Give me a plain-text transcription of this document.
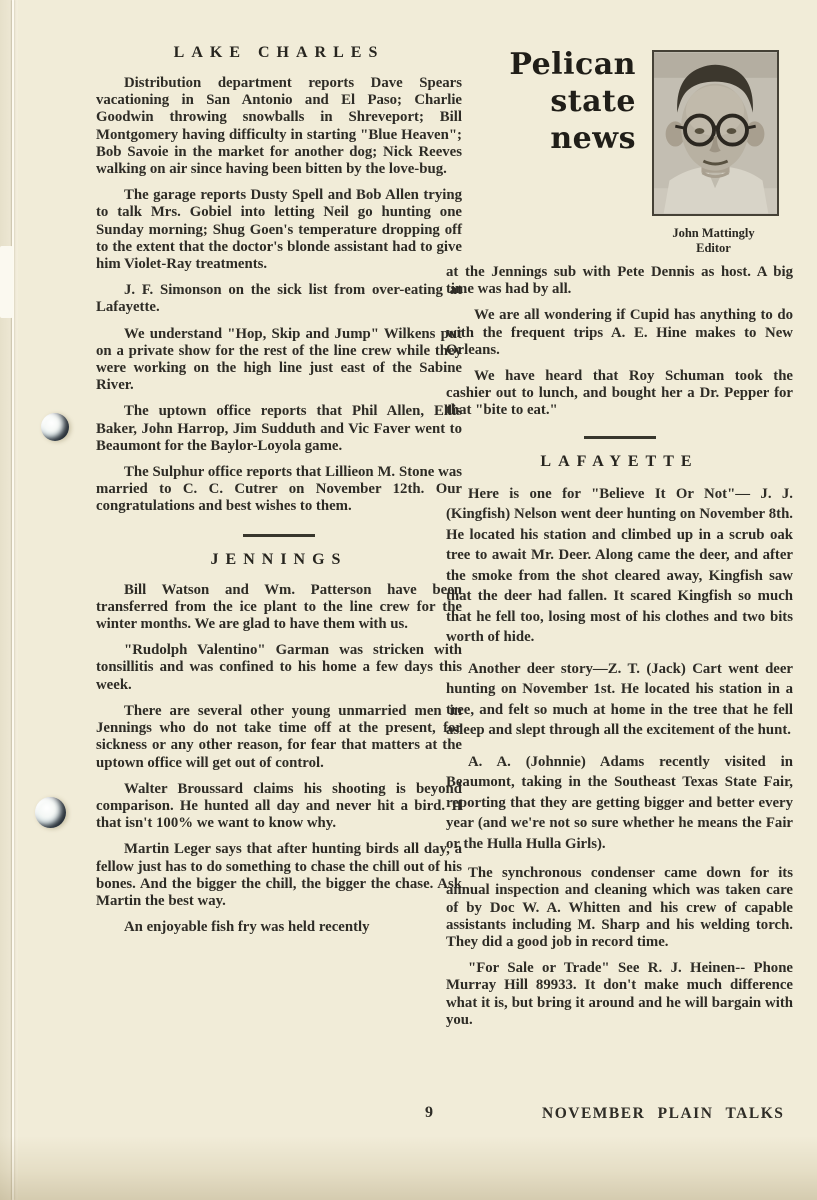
LAKE CHARLES

Distribution department reports Dave Spears vacationing in San Antonio and El Paso; Charlie Goodwin throwing snowballs in Shreveport; Bill Montgomery having difficulty in starting "Blue Heaven"; Bob Savoie in the market for another dog; Nick Reeves walking on air since having been bitten by the love-bug.

The garage reports Dusty Spell and Bob Allen trying to talk Mrs. Gobiel into letting Neil go hunting one Sunday morning; Shug Goen's temperature dropping off to the extent that the doctor's blonde assistant had to give him Violet-Ray treatments.

J. F. Simonson on the sick list from over-eating at Lafayette.

We understand "Hop, Skip and Jump" Wilkens put on a private show for the rest of the line crew while they were working on the high line just east of the Sabine River.

The uptown office reports that Phil Allen, Ellis Baker, John Harrop, Jim Sudduth and Vic Faver went to Beaumont for the Baylor-Loyola game.

The Sulphur office reports that Lillieon M. Stone was married to C. C. Cutrer on November 12th. Our congratulations and best wishes to them.

JENNINGS

Bill Watson and Wm. Patterson have been transferred from the ice plant to the line crew for the winter months. We are glad to have them with us.

"Rudolph Valentino" Garman was stricken with tonsillitis and was confined to his home a few days this week.

There are several other young unmarried men in Jennings who do not take time off at the present, for sickness or any other reason, for fear that matters at the uptown office will get out of control.

Walter Broussard claims his shooting is beyond comparison. He hunted all day and never hit a bird. If that isn't 100% we want to know why.

Martin Leger says that after hunting birds all day, a fellow just has to do something to chase the chill out of his bones. And the bigger the chill, the bigger the chase. Ask Martin the best way.

An enjoyable fish fry was held recently

Pelican
state news
John Mattingly
Editor

at the Jennings sub with Pete Dennis as host. A big time was had by all.

We are all wondering if Cupid has anything to do with the frequent trips A. E. Hine makes to New Orleans.

We have heard that Roy Schuman took the cashier out to lunch, and bought her a Dr. Pepper for that "bite to eat."

LAFAYETTE

Here is one for "Believe It Or Not"— J. J. (Kingfish) Nelson went deer hunting on November 8th. He located his station and climbed up in a scrub oak tree to await Mr. Deer. Along came the deer, and after the smoke from the shot cleared away, Kingfish saw that the deer had fallen. It scared Kingfish so much that he fell too, losing most of his clothes and two bits worth of hide.

Another deer story—Z. T. (Jack) Cart went deer hunting on November 1st. He located his station in a tree, and felt so much at home in the tree that he fell asleep and slept through all the excitement of the hunt.

A. A. (Johnnie) Adams recently visited in Beaumont, taking in the Southeast Texas State Fair, reporting that they are getting bigger and better every year (and we're not so sure whether he means the Fair or the Hulla Hulla Girls).

The synchronous condenser came down for its annual inspection and cleaning which was taken care of by Doc W. A. Whitten and his crew of capable assistants including M. Sharp and his welding torch. They did a good job in record time.

"For Sale or Trade" See R. J. Heinen-- Phone Murray Hill 89933. It don't make much difference what it is, but bring it around and he will bargain with you.

9	NOVEMBER PLAIN TALKS
